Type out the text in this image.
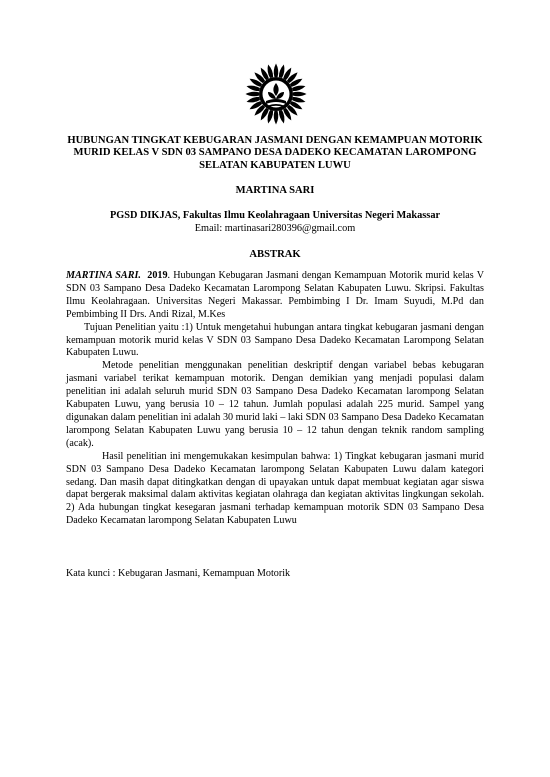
HUBUNGAN TINGKAT KEBUGARAN JASMANI DENGAN KEMAMPUAN MOTORIK MURID KELAS V SDN 03 SAMPANO DESA DADEKO KECAMATAN LAROMPONG SELATAN KABUPATEN LUWU
MARTINA SARI
PGSD DIKJAS, Fakultas Ilmu Keolahragaan Universitas Negeri Makassar
Email: martinasari280396@gmail.com
ABSTRAK

MARTINA SARI. 2019. Hubungan Kebugaran Jasmani dengan Kemampuan Motorik murid kelas V SDN 03 Sampano Desa Dadeko Kecamatan Larompong Selatan Kabupaten Luwu. Skripsi. Fakultas Ilmu Keolahragaan. Universitas Negeri Makassar. Pembimbing I Dr. Imam Suyudi, M.Pd dan Pembimbing II Drs. Andi Rizal, M.Kes

Tujuan Penelitian yaitu :1) Untuk mengetahui hubungan antara tingkat kebugaran jasmani dengan kemampuan motorik murid kelas V SDN 03 Sampano Desa Dadeko Kecamatan Larompong Selatan Kabupaten Luwu.

Metode penelitian menggunakan penelitian deskriptif dengan variabel bebas kebugaran jasmani variabel terikat kemampuan motorik. Dengan demikian yang menjadi populasi dalam penelitian ini adalah seluruh murid SDN 03 Sampano Desa Dadeko Kecamatan larompong Selatan Kabupaten Luwu, yang berusia 10 – 12 tahun. Jumlah populasi adalah 225 murid. Sampel yang digunakan dalam penelitian ini adalah 30 murid laki – laki SDN 03 Sampano Desa Dadeko Kecamatan larompong Selatan Kabupaten Luwu yang berusia 10 – 12 tahun dengan teknik random sampling (acak).

Hasil penelitian ini mengemukakan kesimpulan bahwa: 1) Tingkat kebugaran jasmani murid SDN 03 Sampano Desa Dadeko Kecamatan larompong Selatan Kabupaten Luwu dalam kategori sedang. Dan masih dapat ditingkatkan dengan di upayakan untuk dapat membuat kegiatan agar siswa dapat bergerak maksimal dalam aktivitas kegiatan olahraga dan kegiatan aktivitas lingkungan sekolah. 2) Ada hubungan tingkat kesegaran jasmani terhadap kemampuan motorik SDN 03 Sampano Desa Dadeko Kecamatan larompong Selatan Kabupaten Luwu

Kata kunci : Kebugaran Jasmani, Kemampuan Motorik
